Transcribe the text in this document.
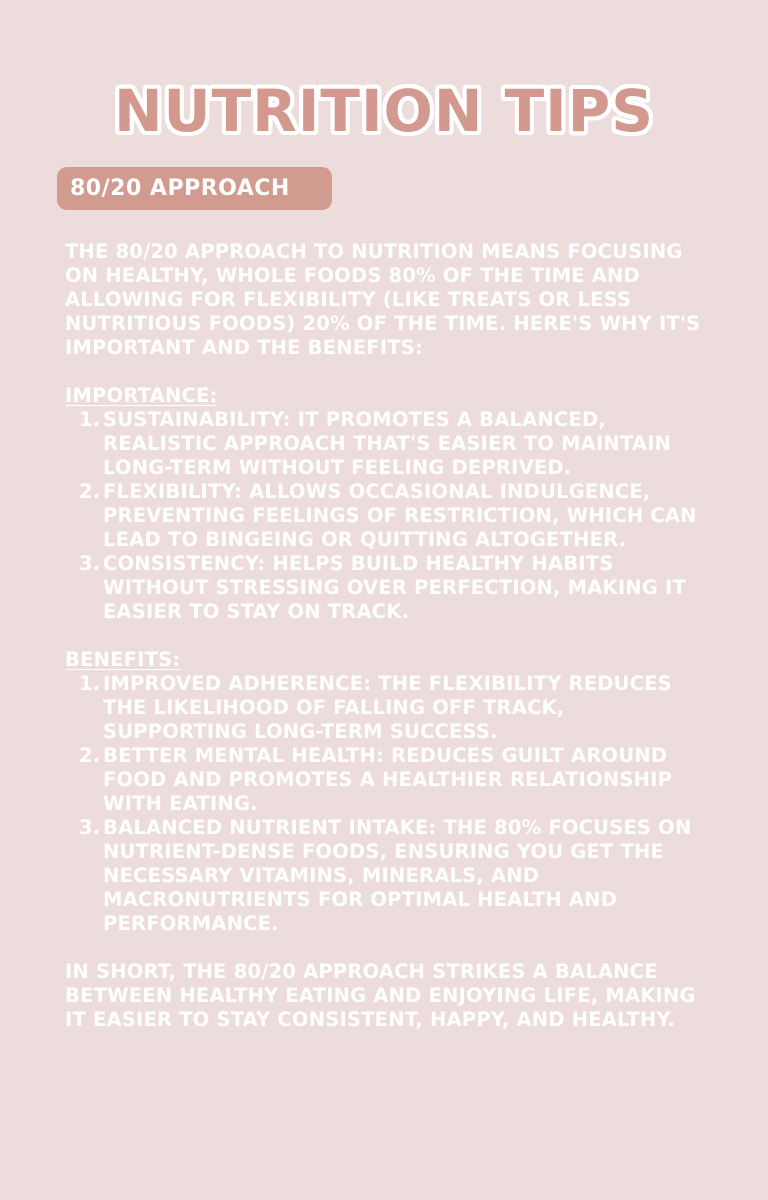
NUTRITION TIPS
80/20 APPROACH

THE 80/20 APPROACH TO NUTRITION MEANS FOCUSING ON HEALTHY, WHOLE FOODS 80% OF THE TIME AND ALLOWING FOR FLEXIBILITY (LIKE TREATS OR LESS NUTRITIOUS FOODS) 20% OF THE TIME. HERE'S WHY IT'S IMPORTANT AND THE BENEFITS:

IMPORTANCE:

1. SUSTAINABILITY: IT PROMOTES A BALANCED, REALISTIC APPROACH THAT'S EASIER TO MAINTAIN LONG-TERM WITHOUT FEELING DEPRIVED.
2. FLEXIBILITY: ALLOWS OCCASIONAL INDULGENCE, PREVENTING FEELINGS OF RESTRICTION, WHICH CAN LEAD TO BINGEING OR QUITTING ALTOGETHER.
3. CONSISTENCY: HELPS BUILD HEALTHY HABITS WITHOUT STRESSING OVER PERFECTION, MAKING IT EASIER TO STAY ON TRACK.

BENEFITS:

1. IMPROVED ADHERENCE: THE FLEXIBILITY REDUCES THE LIKELIHOOD OF FALLING OFF TRACK, SUPPORTING LONG-TERM SUCCESS.
2. BETTER MENTAL HEALTH: REDUCES GUILT AROUND FOOD AND PROMOTES A HEALTHIER RELATIONSHIP WITH EATING.
3. BALANCED NUTRIENT INTAKE: THE 80% FOCUSES ON NUTRIENT-DENSE FOODS, ENSURING YOU GET THE NECESSARY VITAMINS, MINERALS, AND MACRONUTRIENTS FOR OPTIMAL HEALTH AND PERFORMANCE.

IN SHORT, THE 80/20 APPROACH STRIKES A BALANCE BETWEEN HEALTHY EATING AND ENJOYING LIFE, MAKING IT EASIER TO STAY CONSISTENT, HAPPY, AND HEALTHY.
